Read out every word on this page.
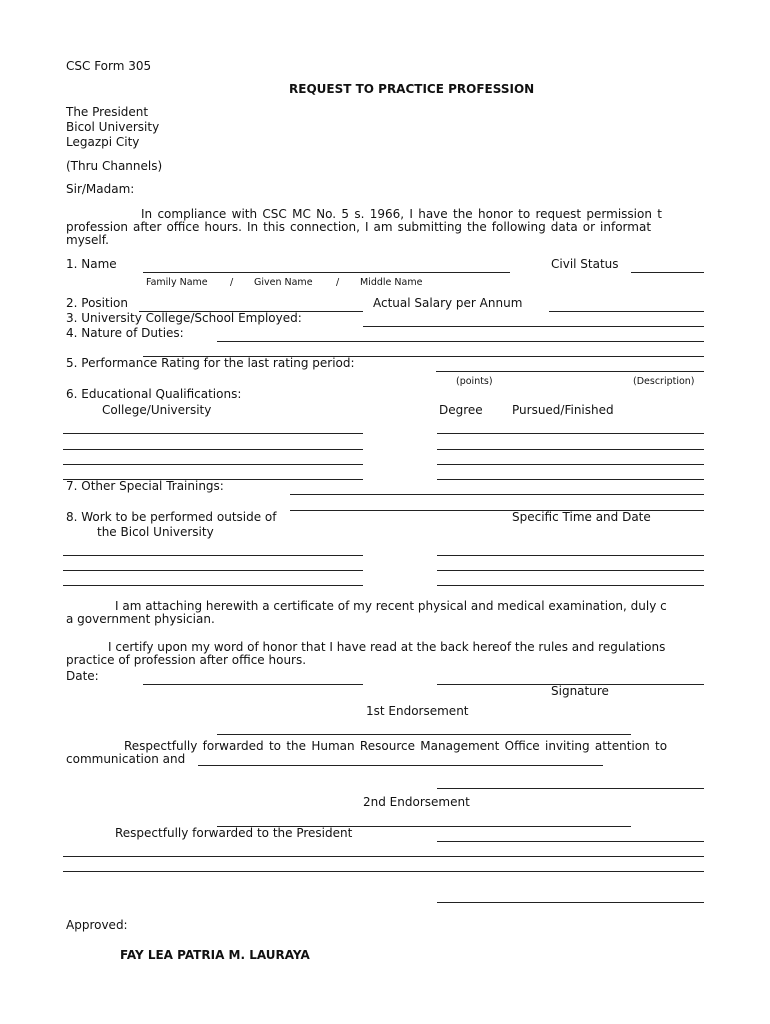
CSC Form 305
REQUEST TO PRACTICE PROFESSION
The President
Bicol University
Legazpi City
(Thru Channels)
Sir/Madam:
In compliance with CSC MC No. 5 s. 1966, I have the honor to request permission t
profession after office hours. In this connection, I am submitting the following data or informat
myself.
1. Name	Civil Status
Family Name / Given Name / Middle Name
2. Position	Actual Salary per Annum
3. University College/School Employed:
4. Nature of Duties:
5. Performance Rating for the last rating period:
(points)	(Description)
6. Educational Qualifications:
College/University	Degree Pursued/Finished
7. Other Special Trainings:
8. Work to be performed outside of
the Bicol University
Specific Time and Date
I am attaching herewith a certificate of my recent physical and medical examination, duly c
a government physician.
I certify upon my word of honor that I have read at the back hereof the rules and regulations
practice of profession after office hours.
Date:
Signature
1st Endorsement
Respectfully forwarded to the Human Resource Management Office inviting attention to
communication and
2nd Endorsement
Respectfully forwarded to the President
Approved:
FAY LEA PATRIA M. LAURAYA
